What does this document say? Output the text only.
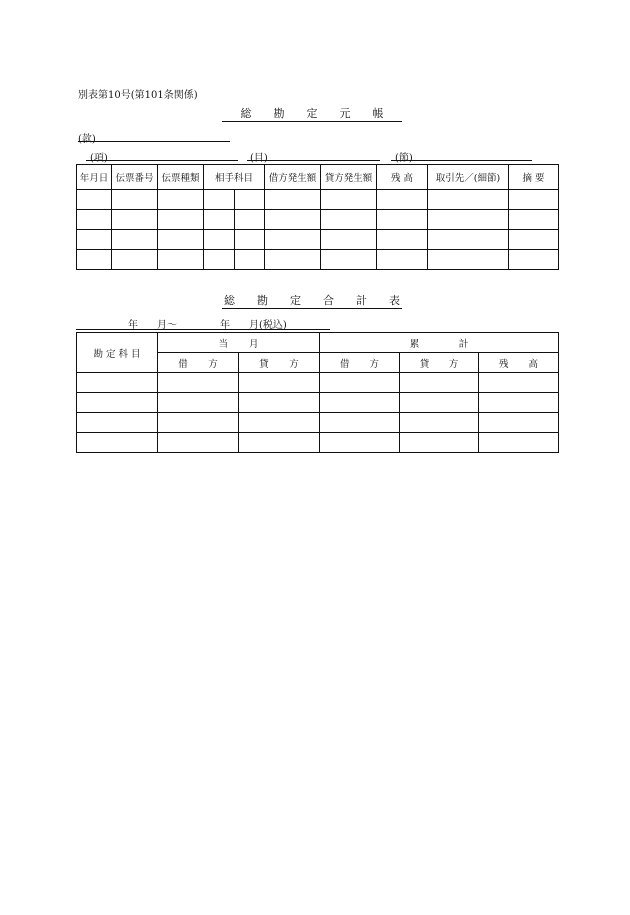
別表第10号(第101条関係)
総　　勘　　定　　元　　帳
(款)
(項)	(目)	(節)
年月日	伝票番号	伝票種類	相手科目		借方発生額	貸方発生額	残 高	取引先／(細節)	摘 要

総　　勘　　定　　合　　計　　表
年 月～	年 月(税込)
勘 定 科 目	当 月		累 計		

	借 方	貸 方	借 方	貸 方	残 高
